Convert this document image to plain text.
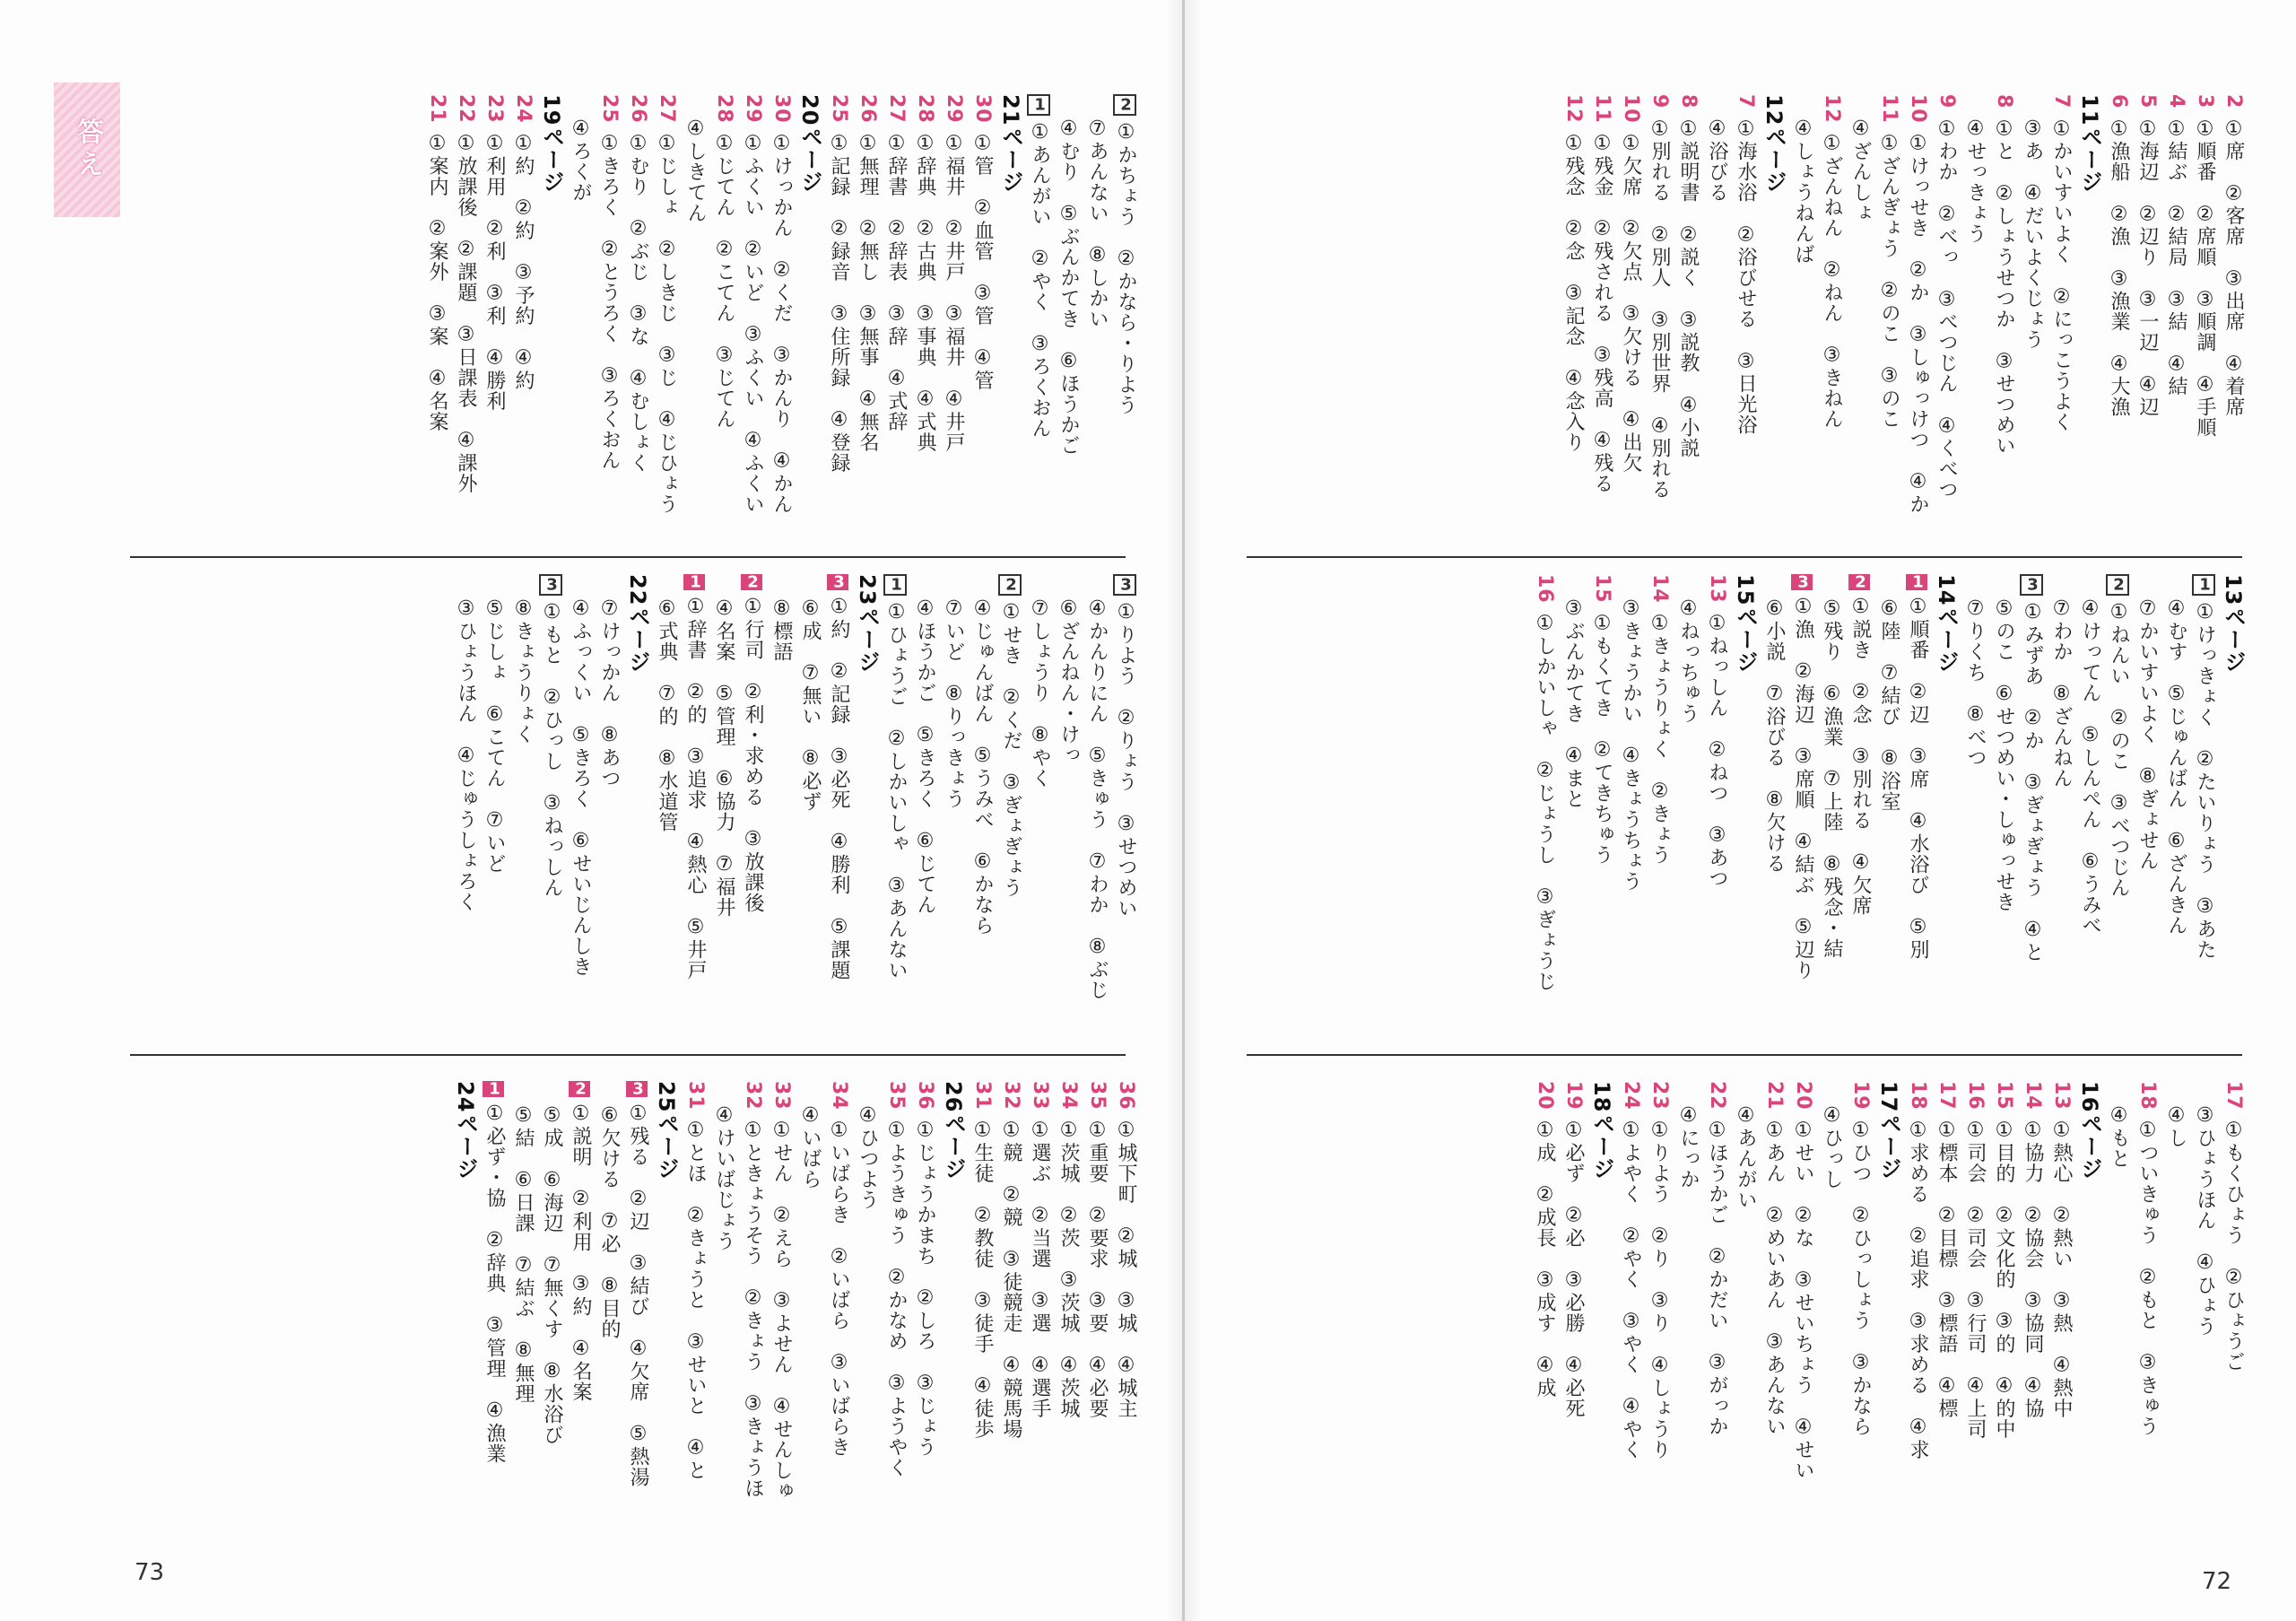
答え
2①席　②客席　③出席　④着席
3①順番　②席順　③順調　④手順
4①結ぶ　②結局　③結　④結
5①海辺　②辺り　③一辺　④辺
6①漁船　②漁　③漁業　④大漁
11ページ
7①かいすいよく　②にっこうよく
③あ　④だいよくじょう
8①と　②しょうせつか　③せつめい
④せっきょう
9①わか　②べっ　③べつじん　④くべつ
10①けっせき　②か　③しゅっけつ　④か
11①ざんぎょう　②のこ　③のこ
④ざんしょ
12①ざんねん　②ねん　③きねん
④しょうねんば
12ページ
7①海水浴　②浴びせる　③日光浴
④浴びる
8①説明書　②説く　③説教　④小説
9①別れる　②別人　③別世界　④別れる
10①欠席　②欠点　③欠ける　④出欠
11①残金　②残される　③残高　④残る
12①残念　②念　③記念　④念入り
13ページ
1①けっきょく　②たいりょう　③あた
④むす　⑤じゅんばん　⑥ざんきん
⑦かいすいよく　⑧ぎょせん
2①ねんい　②のこ　③べつじん
④けってん　⑤しんぺん　⑥うみべ
⑦わか　⑧ざんねん
3①みずあ　②か　③ぎょぎょう　④と
⑤のこ　⑥せつめい・しゅっせき
⑦りくち　⑧べつ
14ページ
1①順番　②辺　③席　④水浴び　⑤別
⑥陸　⑦結び　⑧浴室
2①説き　②念　③別れる　④欠席
⑤残り　⑥漁業　⑦上陸　⑧残念・結
3①漁　②海辺　③席順　④結ぶ　⑤辺り
⑥小説　⑦浴びる　⑧欠ける
15ページ
13①ねっしん　②ねつ　③あつ
④ねっちゅう
14①きょうりょく　②きょう
③きょうかい　④きょうちょう
15①もくてき　②てきちゅう
③ぶんかてき　④まと
16①しかいしゃ　②じょうし　③ぎょうじ
17①もくひょう　②ひょうご
③ひょうほん　④ひょう
④し
18①ついきゅう　②もと　③きゅう
④もと
16ページ
13①熱心　②熱い　③熱　④熱中
14①協力　②協会　③協同　④協
15①目的　②文化的　③的　④的中
16①司会　②司会　③行司　④上司
17①標本　②目標　③標語　④標
18①求める　②追求　③求める　④求
17ページ
19①ひつ　②ひっしょう　③かなら
④ひっし
20①せい　②な　③せいちょう　④せい
21①あん　②めいあん　③あんない
④あんがい
22①ほうかご　②かだい　③がっか
④にっか
23①りよう　②り　③り　④しょうり
24①よやく　②やく　③やく　④やく
18ページ
19①必ず　②必　③必勝　④必死
20①成　②成長　③成す　④成
2①かちょう　②かなら・りよう
⑦あんない　⑧しかい
④むり　⑤ぶんかてき　⑥ほうかご
1①あんがい　②やく　③ろくおん
21ページ
30①管　②血管　③管　④管
29①福井　②井戸　③福井　④井戸
28①辞典　②古典　③事典　④式典
27①辞書　②辞表　③辞　④式辞
26①無理　②無し　③無事　④無名
25①記録　②録音　③住所録　④登録
20ページ
30①けっかん　②くだ　③かんり　④かん
29①ふくい　②いど　③ふくい　④ふくい
28①じてん　②こてん　③じてん
④しきてん
27①じしょ　②しきじ　③じ　④じひょう
26①むり　②ぶじ　③な　④むしょく
25①きろく　②とうろく　③ろくおん
④ろくが
19ページ
24①約　②約　③予約　④約
23①利用　②利　③利　④勝利
22①放課後　②課題　③日課表　④課外
21①案内　②案外　③案　④名案
3①りよう　②りょう　③せつめい
④かんりにん　⑤きゅう　⑦わか　⑧ぶじ
⑥ざんねん・けっ
⑦しょうり　⑧やく
2①せき　②くだ　③ぎょぎょう
④じゅんばん　⑤うみべ　⑥かなら
⑦いど　⑧りっきょう
④ほうかご　⑤きろく　⑥じてん
1①ひょうご　②しかいしゃ　③あんない
23ページ
3①約　②記録　③必死　④勝利　⑤課題
⑥成　⑦無い　⑧必ず
⑧標語
2①行司　②利・求める　③放課後
④名案　⑤管理　⑥協力　⑦福井
1①辞書　②的　③追求　④熱心　⑤井戸
⑥式典　⑦的　⑧水道管
22ページ
⑦けっかん　⑧あつ
④ふっくい　⑤きろく　⑥せいじんしき
3①もと　②ひっし　③ねっしん
⑧きょうりょく
⑤じしょ　⑥こてん　⑦いど
③ひょうほん　④じゅうしょろく
36①城下町　②城　③城　④城主
35①重要　②要求　③要　④必要
34①茨城　②茨　③茨城　④茨城
33①選ぶ　②当選　③選　④選手
32①競　②競　③徒競走　④競馬場
31①生徒　②教徒　③徒手　④徒歩
26ページ
36①じょうかまち　②しろ　③じょう
35①ようきゅう　②かなめ　③ようやく
④ひつよう
34①いばらき　②いばら　③いばらき
④いばら
33①せん　②えら　③よせん　④せんしゅ
32①ときょうそう　②きょう　③きょうほ
④けいばじょう
31①とほ　②きょうと　③せいと　④と
25ページ
3①残る　②辺　③結び　④欠席　⑤熱湯
⑥欠ける　⑦必　⑧目的
2①説明　②利用　③約　④名案
⑤成　⑥海辺　⑦無くす　⑧水浴び
⑤結　⑥日課　⑦結ぶ　⑧無理
1①必ず・協　②辞典　③管理　④漁業
24ページ
73	72
